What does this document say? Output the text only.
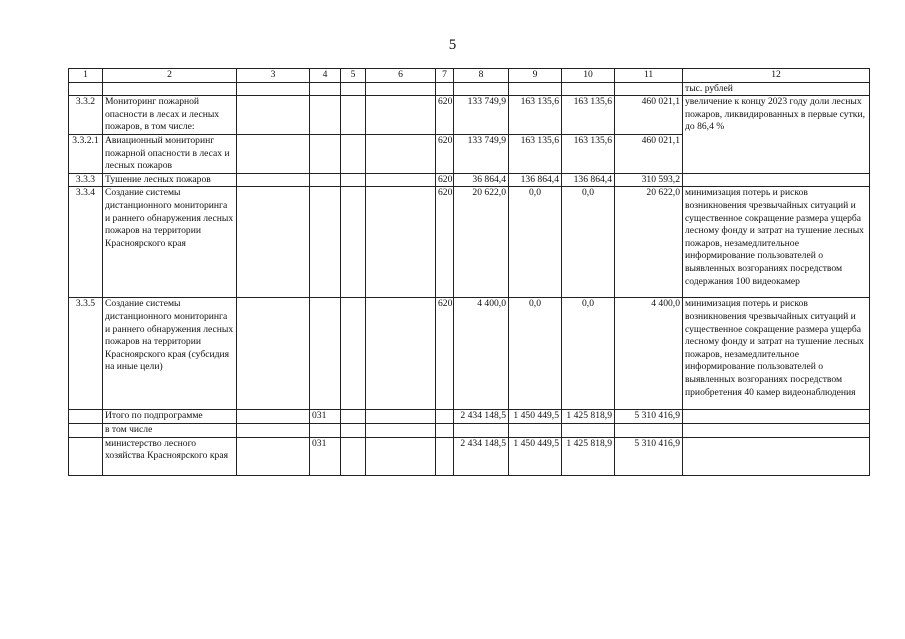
5
1	2	3	4	5	6	7	8	9	10	11	12
											тыс. рублей
3.3.2	Мониторинг пожарной опасности в лесах и лесных пожаров, в том числе:					620	133 749,9	163 135,6	163 135,6	460 021,1	увеличение к концу 2023 году доли лесных пожаров, ликвидированных в первые сутки, до 86,4 %
3.3.2.1	Авиационный мониторинг пожарной опасности в лесах и лесных пожаров					620	133 749,9	163 135,6	163 135,6	460 021,1	
3.3.3	Тушение лесных пожаров					620	36 864,4	136 864,4	136 864,4	310 593,2	
3.3.4	Создание системы дистанционного мониторинга и раннего обнаружения лесных пожаров на территории Красноярского края					620	20 622,0	0,0	0,0	20 622,0	минимизация потерь и рисков возникновения чрезвычайных ситуаций и существенное сокращение размера ущерба лесному фонду и затрат на тушение лесных пожаров, незамедлительное информирование пользователей о выявленных возгораниях посредством содержания 100 видеокамер
3.3.5	Создание системы дистанционного мониторинга и раннего обнаружения лесных пожаров на территории Красноярского края (субсидия на иные цели)					620	4 400,0	0,0	0,0	4 400,0	минимизация потерь и рисков возникновения чрезвычайных ситуаций и существенное сокращение размера ущерба лесному фонду и затрат на тушение лесных пожаров, незамедлительное информирование пользователей о выявленных возгораниях посредством приобретения 40 камер видеонаблюдения
	Итого по подпрограмме		031				2 434 148,5	1 450 449,5	1 425 818,9	5 310 416,9	
	в том числе										
	министерство лесного хозяйства Красноярского края		031				2 434 148,5	1 450 449,5	1 425 818,9	5 310 416,9	
